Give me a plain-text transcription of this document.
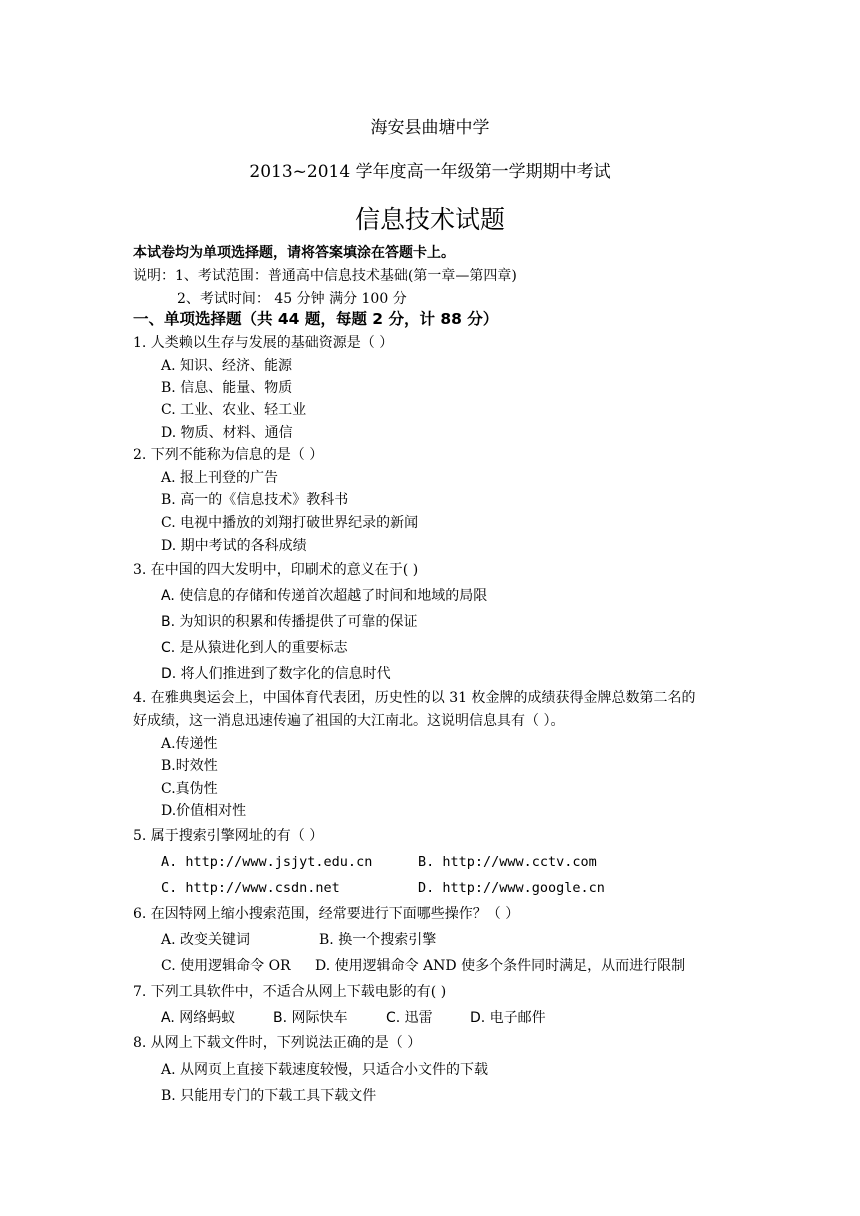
海安县曲塘中学
2013~2014 学年度高一年级第一学期期中考试
信息技术试题
本试卷均为单项选择题，请将答案填涂在答题卡上。
说明：1、考试范围：普通高中信息技术基础(第一章—第四章)
2、考试时间： 45 分钟 满分 100 分
一、单项选择题（共 44 题，每题 2 分，计 88 分）
1. 人类赖以生存与发展的基础资源是（ ）
A. 知识、经济、能源
B. 信息、能量、物质
C. 工业、农业、轻工业
D. 物质、材料、通信
2. 下列不能称为信息的是（ ）
A. 报上刊登的广告
B. 高一的《信息技术》教科书
C. 电视中播放的刘翔打破世界纪录的新闻
D. 期中考试的各科成绩
3. 在中国的四大发明中，印刷术的意义在于( )
A. 使信息的存储和传递首次超越了时间和地域的局限
B. 为知识的积累和传播提供了可靠的保证
C. 是从猿进化到人的重要标志
D. 将人们推进到了数字化的信息时代
4. 在雅典奥运会上，中国体育代表团，历史性的以 31 枚金牌的成绩获得金牌总数第二名的
好成绩，这一消息迅速传遍了祖国的大江南北。这说明信息具有（ ）。
A.传递性
B.时效性
C.真伪性
D.价值相对性
5. 属于搜索引擎网址的有（ ）
A. http://www.jsjyt.edu.cn	B. http://www.cctv.com
C. http://www.csdn.net	D. http://www.google.cn
6. 在因特网上缩小搜索范围，经常要进行下面哪些操作？（ ）
A. 改变关键词	B. 换一个搜索引擎
C. 使用逻辑命令 OR D. 使用逻辑命令 AND 使多个条件同时满足，从而进行限制
7. 下列工具软件中，不适合从网上下载电影的有( )
A. 网络蚂蚁	B. 网际快车	C. 迅雷	D. 电子邮件
8. 从网上下载文件时，下列说法正确的是（ ）
A. 从网页上直接下载速度较慢，只适合小文件的下载
B. 只能用专门的下载工具下载文件
